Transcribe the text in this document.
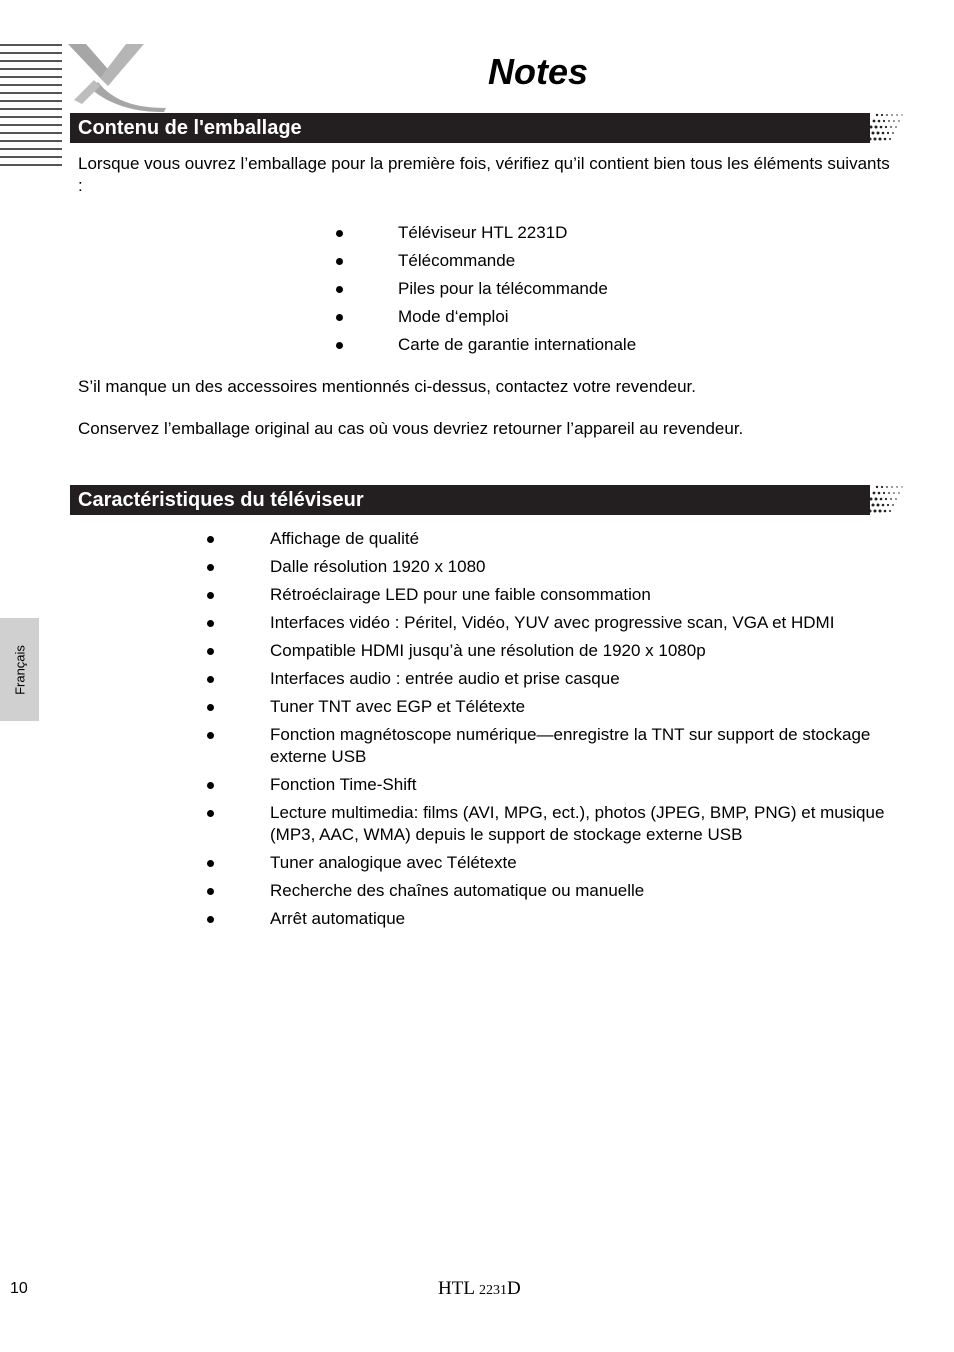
Notes
Contenu de l'emballage
Lorsque vous ouvrez l’emballage pour la première fois, vérifiez qu’il contient bien tous les éléments suivants :
Téléviseur HTL 2231D
Télécommande
Piles pour la télécommande
Mode d‘emploi
Carte de garantie internationale
S’il manque un des accessoires mentionnés ci-dessus, contactez votre revendeur.
Conservez l’emballage original au cas où vous devriez retourner l’appareil au revendeur.
Caractéristiques du téléviseur
Affichage de qualité
Dalle résolution 1920 x 1080
Rétroéclairage LED pour une faible consommation
Interfaces vidéo : Péritel, Vidéo, YUV avec progressive scan, VGA et HDMI
Compatible HDMI jusqu’à une résolution de 1920 x 1080p
Interfaces audio : entrée audio et prise casque
Tuner TNT avec EGP et Télétexte
Fonction magnétoscope numérique—enregistre la TNT sur support de stockage externe USB
Fonction Time-Shift
Lecture multimedia: films (AVI, MPG, ect.), photos (JPEG, BMP, PNG) et musique (MP3, AAC, WMA) depuis le support de stockage externe USB
Tuner analogique avec Télétexte
Recherche des chaînes automatique ou manuelle
Arrêt automatique
Français
10	HTL 2231D
